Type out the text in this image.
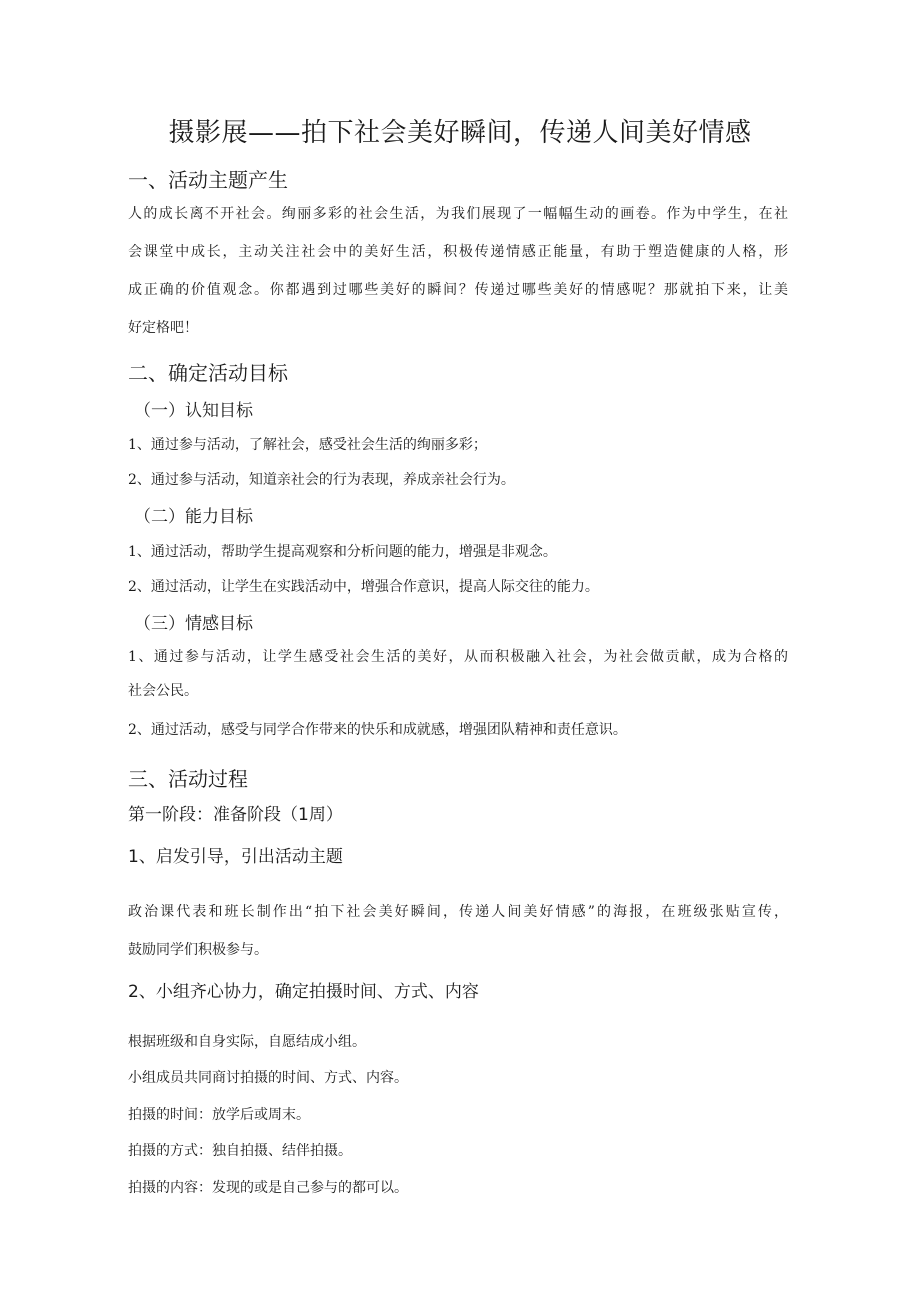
摄影展——拍下社会美好瞬间，传递人间美好情感
一、活动主题产生
人的成长离不开社会。绚丽多彩的社会生活，为我们展现了一幅幅生动的画卷。作为中学生，在社
会课堂中成长，主动关注社会中的美好生活，积极传递情感正能量，有助于塑造健康的人格，形
成正确的价值观念。你都遇到过哪些美好的瞬间？传递过哪些美好的情感呢？那就拍下来，让美
好定格吧！
二、确定活动目标
（一）认知目标
1、通过参与活动，了解社会，感受社会生活的绚丽多彩；
2、通过参与活动，知道亲社会的行为表现，养成亲社会行为。
（二）能力目标
1、通过活动，帮助学生提高观察和分析问题的能力，增强是非观念。
2、通过活动，让学生在实践活动中，增强合作意识，提高人际交往的能力。
（三）情感目标
1、通过参与活动，让学生感受社会生活的美好，从而积极融入社会，为社会做贡献，成为合格的
社会公民。
2、通过活动，感受与同学合作带来的快乐和成就感，增强团队精神和责任意识。
三、活动过程
第一阶段：准备阶段（1周）
1、启发引导，引出活动主题
政治课代表和班长制作出“拍下社会美好瞬间，传递人间美好情感”的海报，在班级张贴宣传，
鼓励同学们积极参与。
2、小组齐心协力，确定拍摄时间、方式、内容
根据班级和自身实际，自愿结成小组。
小组成员共同商讨拍摄的时间、方式、内容。
拍摄的时间：放学后或周末。
拍摄的方式：独自拍摄、结伴拍摄。
拍摄的内容：发现的或是自己参与的都可以。
